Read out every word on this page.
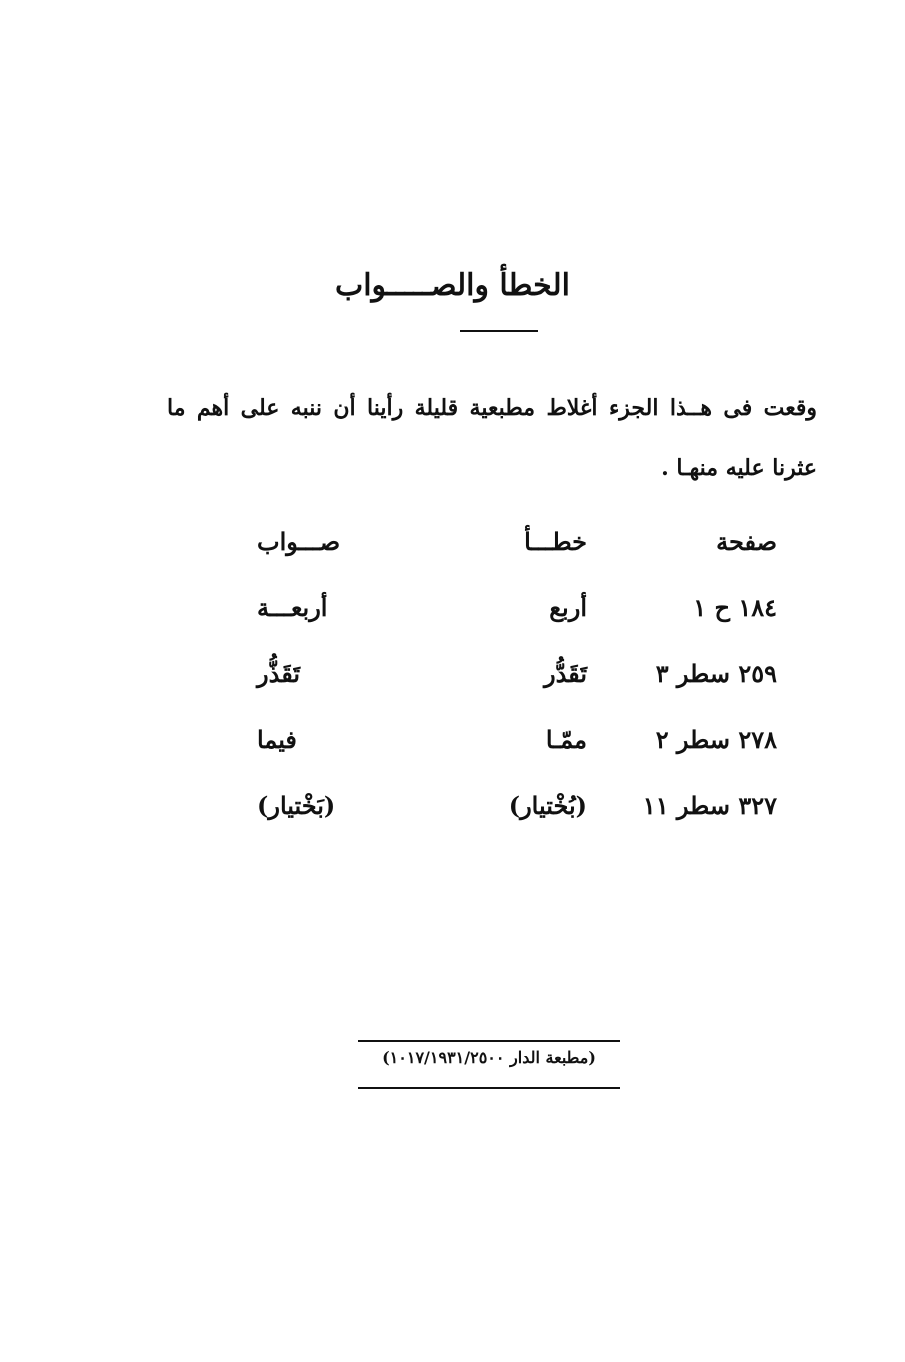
الخطأ والصـــــواب
وقعت فى هــذا الجزء أغلاط مطبعية قليلة رأينا أن ننبه على أهم ما عثرنا عليه منهـا .
صفحة
خطـــأ
صـــواب
١٨٤ ح ١
أربع
أربعـــة
٢٥٩ سطر ٣
تَقَدُّر
تَقَذُّر
٢٧٨ سطر ٢
ممّـا
فيما
٣٢٧ سطر ١١
(بُخْتيار)
(بَخْتيار)
(مطبعة الدار ١٠١٧/١٩٣١/٢٥٠٠)
